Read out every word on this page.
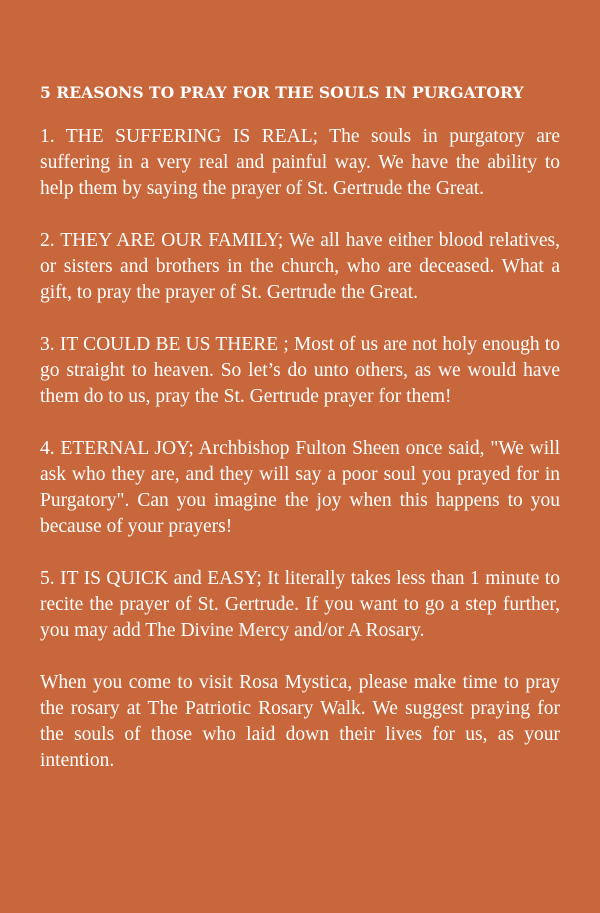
5 REASONS TO PRAY FOR THE SOULS IN PURGATORY

1. THE SUFFERING IS REAL; The souls in purgatory are suffering in a very real and painful way. We have the ability to help them by saying the prayer of St. Gertrude the Great.

2. THEY ARE OUR FAMILY; We all have either blood relatives, or sisters and brothers in the church, who are deceased. What a gift, to pray the prayer of St. Gertrude the Great.

3. IT COULD BE US THERE ; Most of us are not holy enough to go straight to heaven. So let’s do unto others, as we would have them do to us, pray the St. Gertrude prayer for them!

4. ETERNAL JOY; Archbishop Fulton Sheen once said, "We will ask who they are, and they will say a poor soul you prayed for in Purgatory". Can you imagine the joy when this happens to you because of your prayers!

5. IT IS QUICK and EASY; It literally takes less than 1 minute to recite the prayer of St. Gertrude. If you want to go a step further, you may add The Divine Mercy and/or A Rosary.

When you come to visit Rosa Mystica, please make time to pray the rosary at The Patriotic Rosary Walk. We suggest praying for the souls of those who laid down their lives for us, as your intention.
